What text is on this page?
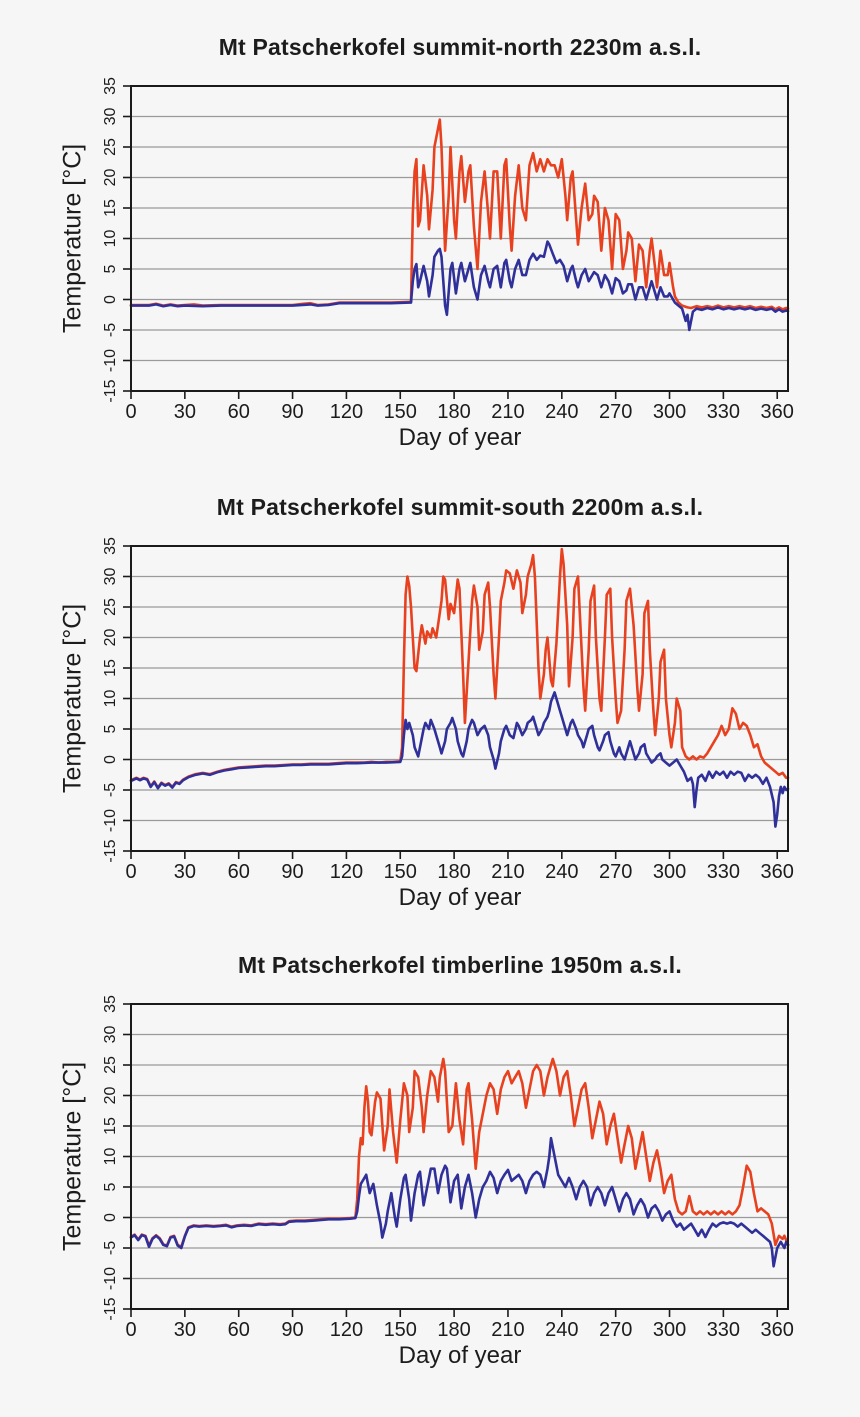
Mt Patscherkofel summit-north 2230m a.s.l.
Temperature [°C]
0 30 60 90 120 150 180 210 240 270 300 330 360
-15
-10
-5
0
5
10
15
20
25
30
35
Day of year
Mt Patscherkofel summit-south 2200m a.s.l.
Temperature [°C]
0 30 60 90 120 150 180 210 240 270 300 330 360
-15
-10
-5
0
5
10
15
20
25
30
35
Day of year
Mt Patscherkofel timberline 1950m a.s.l.
Temperature [°C]
0 30 60 90 120 150 180 210 240 270 300 330 360
-15
-10
-5
0
5
10
15
20
25
30
35
Day of year
